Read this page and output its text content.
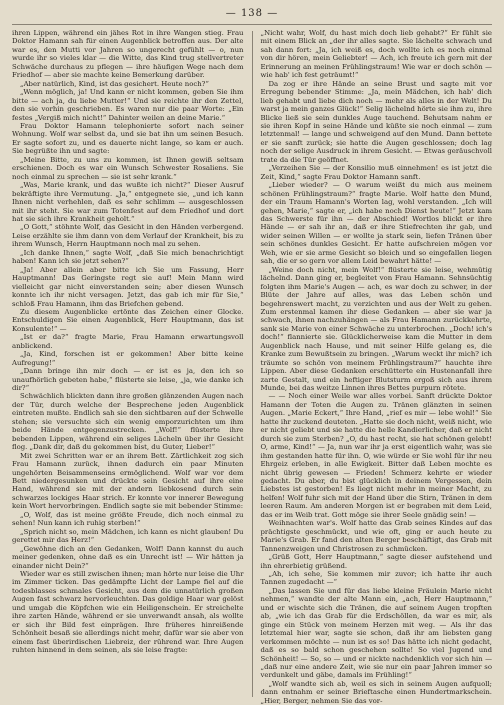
— 138 —

ihren Lippen, während ein jähes Rot in ihre Wangen stieg. Frau Doktor Hamann sah für einen Augenblick betroffen aus. Der alte war es, den Mutti vor Jahren so ungerecht gefühlt — o, nun wurde ihr so vieles klar — die Witte, das Kind trug stellvertreter Schwäche durchaus zu pflegen — ihre häufigen Wege nach dem Friedhof — aber sie machte keine Bemerkung darüber.

„Aber natürlich, Kind, ist das gesichert. Heute noch?“

„Wenn möglich, ja! Und kann er nicht kommen, geben Sie ihm bitte — ach ja, du liebe Mutter!“ Und sie reichte ihr den Zettel, den sie vorhin geschrieben. Es waren nur die paar Worte: „Ein festes „Vergiß mich nicht!“ Dahinter weilen an deine Marie.“

Frau Doktor Hamann telephonierte sofort nach seiner Wohnung. Wolf war selbst da, und sie bat ihn um seinen Besuch. Er sagte sofort zu, und es dauerte nicht lange, so kam er auch. Sie begrüßte ihn und sagte:

„Meine Bitte, zu uns zu kommen, ist Ihnen gewiß seltsam erschienen. Doch es war ein Wunsch Schwester Rosaliens. Sie noch einmal zu sprechen — sie ist sehr krank.“

„Was, Marie krank, und das wußte ich nicht?“ Dieser Ausruf bekräftigte ihre Vermutung. „Ja,“ entgegnete sie, „und ich kann Ihnen nicht verhehlen, daß es sehr schlimm — ausgeschlossen mit ihr steht. Sie war zum Totenfest auf dem Friedhof und dort hat sie sich ihre Krankheit geholt.“

„O Gott,“ stöhnte Wolf, das Gesicht in den Händen verbergend. Leise erzählte sie ihm dann von dem Verlauf der Krankheit, bis zu ihrem Wunsch, Herrn Hauptmann noch mal zu sehen.

„Ich danke Ihnen,“ sagte Wolf, „daß Sie mich benachrichtigt haben! Kann ich sie jetzt sehen?“

„Ja! Aber allein aber bitte ich Sie um Fassung, Herr Hauptmann! Das Geringste regt sie auf! Mein Mann wird vielleicht gar nicht einverstanden sein; aber diesen Wunsch konnte ich ihr nicht versagen. Jetzt, das gab ich mir für Sie,“ schloß Frau Hamann, ihm das Briefchen gebend.

Zu diesem Augenblicke ertönte das Zeichen einer Glocke. Entschuldigen Sie einen Augenblick, Herr Hauptmann, das ist Konsulente!“ —

„Ist er da?“ fragte Marie, Frau Hamann erwartungsvoll anblickend.

„Ja, Kind, forschen ist er gekommen! Aber bitte keine Aufregung!“

„Dann bringe ihn mir doch — er ist es ja, den ich so unaufhörlich gebeten habe,“ flüsterte sie leise, „ja, wie danke ich dir?“

Schwächlich blickten dann ihre großen glänzenden Augen nach der Tür, durch welche der Besprechene jeden Augenblick eintreten mußte. Endlich sah sie den sichtbaren auf der Schwelle stehen; sie versuchte sich ein wenig emporzurichten um ihm beide Hände entgegenzustrecken. „Wolf!“ flüsterte ihre bebenden Lippen, während ein seliges Lächeln über ihr Gesicht flog. „Dank dir, daß du gekommen bist, du Guter, Lieber!“

Mit zwei Schritten war er an ihrem Bett. Zärtlichkeit zog sich Frau Hamann zurück, ihnen dadurch ein paar Minuten ungehörten Beisammenseins ermöglichend. Wolf war vor dem Bett niedergesunken und drückte sein Gesicht auf ihre eine Hand, während sie mit der andern liebkosend durch sein schwarzes lockiges Haar strich. Er konnte vor innerer Bewegung kein Wort hervorbringen. Endlich sagte sie mit bebender Stimme:

„O, Wolf, das ist meine größte Freude, dich noch einmal zu sehen! Nun kann ich ruhig sterben!“

„Sprich nicht so, mein Mädchen, ich kann es nicht glauben! Du gerettet mir das Herz!“

„Gewöhne dich an den Gedanken, Wolf! Dann kannst du auch meiner gedenken, ohne daß es ein Unrecht ist! — Wir hätten ja einander nicht Dein?“

Wieder war es still zwischen ihnen; man hörte nur leise die Uhr im Zimmer ticken. Das gedämpfte Licht der Lampe fiel auf die todesblasses schmales Gesicht, aus dem die unnatürlich großen Augen fast schwarz hervorleuchten. Das goldige Haar war gelöst und umgab die Köpfchen wie ein Heiligenschein. Er streichelte ihre zarten Hände, während er sie unverwandt ansah, als wollte er sich ihr Bild fest einprägen. Ihre früheres hinreißende Schönheit besaß sie allerdings nicht mehr, dafür war sie aber von einem fast überirdischen Liebreiz, der rührend war. Ihre Augen ruhten hinnend in dem seinen, als sie leise fragte:

„Nicht wahr, Wolf, du hast mich doch lieb gehabt?“ Er fühlt sie mit einem Blick an „der ihr alles sagte. Sie lächelte schwach und sah dann fort: „Ja, ich weiß es, doch wollte ich es noch einmal von dir hören, mein Geliebter! — Ach, ich freute ich gern mit der Erinnerung an meinen Frühlingstraum! Wie war er doch schön — wie hab' ich fest geträumt!“

Da zog er ihre Hände an seine Brust und sagte mit vor Erregung bebender Stimme: „Ja, mein Mädchen, ich hab' dich lieb gehabt und liebe dich noch — mehr als alles in der Welt! Du warst ja mein ganzes Glück!“ Selig lächelnd hörte sie ihm zu, ihre Blicke ließ sie sein dunkles Auge tauchend. Behutsam nahm er sie ihren Kopf in seine Hände und küßte sie noch einmal — zum letztenmal! — lange und schweigend auf den Mund. Dann bettete er sie sanft zurück; sie hatte die Augen geschlossen; doch lag noch der selige Ausdruck in ihrem Gesicht. — Etwas geräuschvoll trate da die Tür geöffnet.

„Verzeihen Sie — der Konsilio muß einnehmen! es ist jetzt die Zeit, Kind,“ sagte Frau Doktor Hamann sanft.

„Lieber wieder? — O warum weißt du mich aus meinem schönen Frühlingstraum?“ fragte Marie. Wolf hatte den Mund, der ein Traum Hamann's Worten lag, wohl verstanden. „Ich will gehen, Marie,“ sagte er, „ich habe noch Dienst heute!“ Jetzt kam das Schwerste für ihn — der Abschied! Wortlos blickt er ihre Hände — er sah ihr an, daß er ihre Stiefrechten ihr gab, und wider seinen Willen — er wollte ja stark sein, liefen Tränen über sein schönes dunkles Gesicht. Er hatte aufschreien mögen vor Weh, wie er sie arme Gesicht so bleich und so eingefallen liegen sah, die er so gern vor allem Leid bewahrt hätte! —

„Weine doch nicht, mein Wolf!“ flüsterte sie leise, wehmütig lächelnd. Dann ging er, begleitet von Frau Hamann. Sehnsüchtig folgten ihm Marie's Augen — ach, es war doch zu schwer, in der Blüte der Jahre auf alles, was das Leben schön und begehrenswert macht, zu verzichten und aus der Welt zu gehen. Zum erstenmal kamen ihr diese Gedanken — aber sie war ja schwach, ihnen nachzuhängen — als Frau Hamann zurückkehrte, sank sie Marie von einer Schwäche zu unterbrochen. „Doch! ich's doch!“ flannierte sie. Glücklicherweise kam die Mutter in dem Augenblick nach Hause, und mit seiner Hilfe gelang es, die Kranke zum Bewußtsein zu bringen. „Warum weckt ihr mich? ich träumte so schön von meinem Frühlingstraum?“ hauchte ihre Lippen. Aber diese Gedanken erschütterte ein Hustenanfall ihre zarte Gestalt, und ein heftiger Blutsturm ergoß sich aus ihrem Munde, bei das weitze Linnen ihres Bettes purpurn rötete.

— — Noch einer Weile war alles vorbei. Sanft drückte Doktor Hamann der Toten die Augen zu. Tränen glänzten in seinen Augen. „Marie Eckert,“ Ihre Hand, „rief es mir — lebe wohl!“ Sie hatte ihr zuckend deuteten. „Hatte sie doch nicht, weiß nicht, wie er nicht geliebt und sie hatte die helle Kandierlicher, daß er nicht durch sie zum Sterben? „O, du hast recht, sie hat schönen gelebt! O, arme, Kind!“ — Ja, nun war ihr ja erst eigentlich wahr, was sie ihm gestanden hatte für ihn. O, wie würde er Sie wohl für ihr neu Ehrgeiz erleben, in alle Ewigkeit. Bitter daß Leben mochte es nicht übrig gewesen — Frieden! Schmerz kehrte er wieder gedacht. Du aber, du bist glücklich in deinem Vergessen, dein Liebstes ist gestorben! Es liegt nicht mehr in meiner Macht, zu helfen! Wolf fuhr sich mit der Hand über die Stirn, Tränen in dem leeren Raum. Am anderen Morgen ist er begraben mit dem Leid, das er im Weib trat. Gott möge sie ihrer Seele gnädig sein! —

Weihnachten war's. Wolf hatte das Grab seines Kindes auf das prächtigste geschmückt, und wie oft, ging er auch heute zu Marie's Grab. Er fand den alten Berger beschäftigt, das Grab mit Tannenzweigen und Christrosen zu schmücken.

„Grüß Gott, Herr Hauptmann,“ sagte dieser aufstehend und ihn ehrerbietig grüßend.

„Ah, ich sehe, Sie kommen mir zuvor; ich hatte ihr auch Tannen zugedacht —“

„Das lassen Sie und für das liebe kleine Fräulein Marie nicht nehmen,“ wandte der alte Mann ein, „ach, Herr Hauptmann,“ und er wischte sich die Tränen, die auf seinem Augen tropften ab, „wie ich das Grab für die Erdschöllen, da war es mir, als ginge ein Stück von meinem Herzen mit weg. — Als ihr das letztemal hier war, sagte sie schon, daß ihr am liebsten gang verkommen möchte — nun ist es so! Das hätte ich nicht gedacht, daß es so bald schon geschehen sollte! So viel Jugend und Schönheit! — So, so — und er nickte nachdenklich vor sich hin — „daß nur eine andere Zeit, wie sie nur ein paar Jahren immer so verdunkelt und gäbe, damals im Frühling!“

„Wolf wandte sich ab, weil es sich in seinem Augen aufquoll; dann entnahm er seiner Brieftasche einen Hundertmarkschein. „Hier, Berger, nehmen Sie das vor-
